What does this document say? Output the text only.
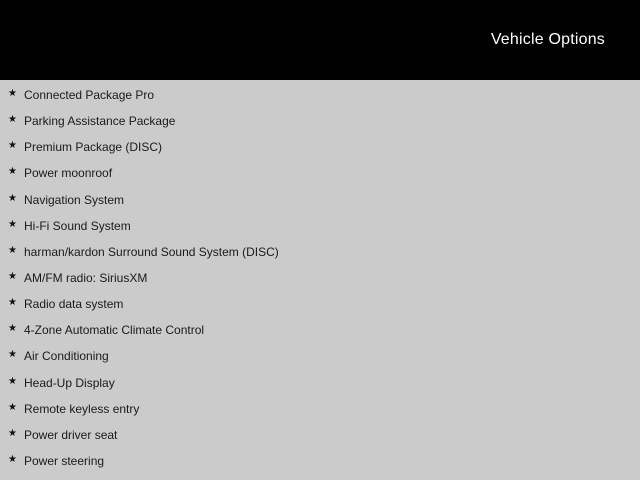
Vehicle Options
★ Connected Package Pro
★ Parking Assistance Package
★ Premium Package (DISC)
★ Power moonroof
★ Navigation System
★ Hi-Fi Sound System
★ harman/kardon Surround Sound System (DISC)
★ AM/FM radio: SiriusXM
★ Radio data system
★ 4-Zone Automatic Climate Control
★ Air Conditioning
★ Head-Up Display
★ Remote keyless entry
★ Power driver seat
★ Power steering
